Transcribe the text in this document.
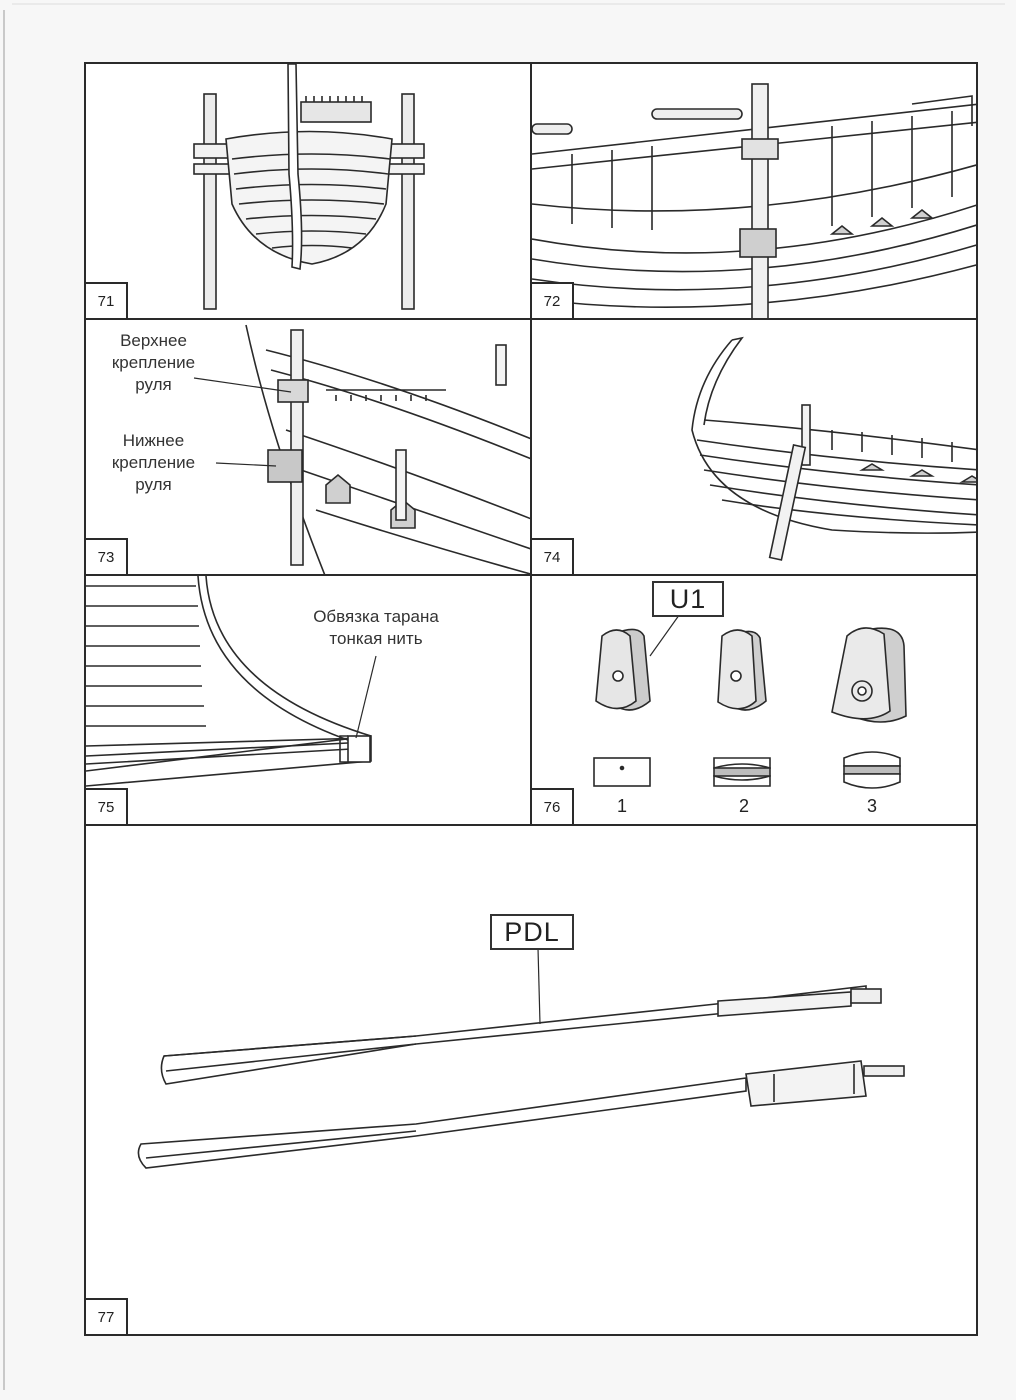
71	72
Верхнее крепление руля
Нижнее крепление руля
73	74
Обвязка тарана тонкая нить
75
U1
1	2	3
76
PDL
77
